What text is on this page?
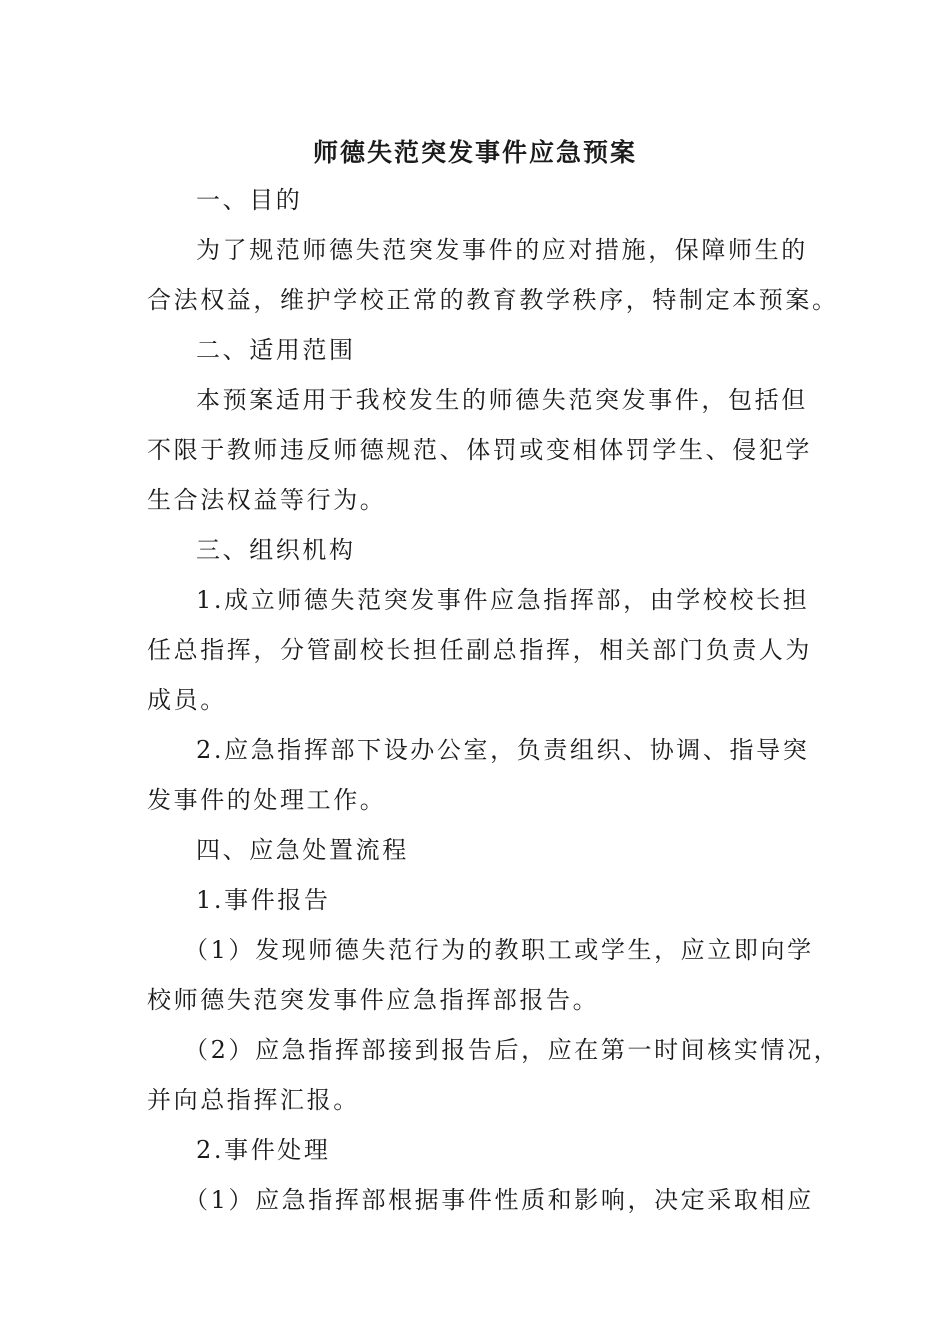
师德失范突发事件应急预案
一、目的
为了规范师德失范突发事件的应对措施，保障师生的
合法权益，维护学校正常的教育教学秩序，特制定本预案。
二、适用范围
本预案适用于我校发生的师德失范突发事件，包括但
不限于教师违反师德规范、体罚或变相体罚学生、侵犯学
生合法权益等行为。
三、组织机构
1.成立师德失范突发事件应急指挥部，由学校校长担
任总指挥，分管副校长担任副总指挥，相关部门负责人为
成员。
2.应急指挥部下设办公室，负责组织、协调、指导突
发事件的处理工作。
四、应急处置流程
1.事件报告
（1）发现师德失范行为的教职工或学生，应立即向学
校师德失范突发事件应急指挥部报告。
（2）应急指挥部接到报告后，应在第一时间核实情况，
并向总指挥汇报。
2.事件处理
（1）应急指挥部根据事件性质和影响，决定采取相应
